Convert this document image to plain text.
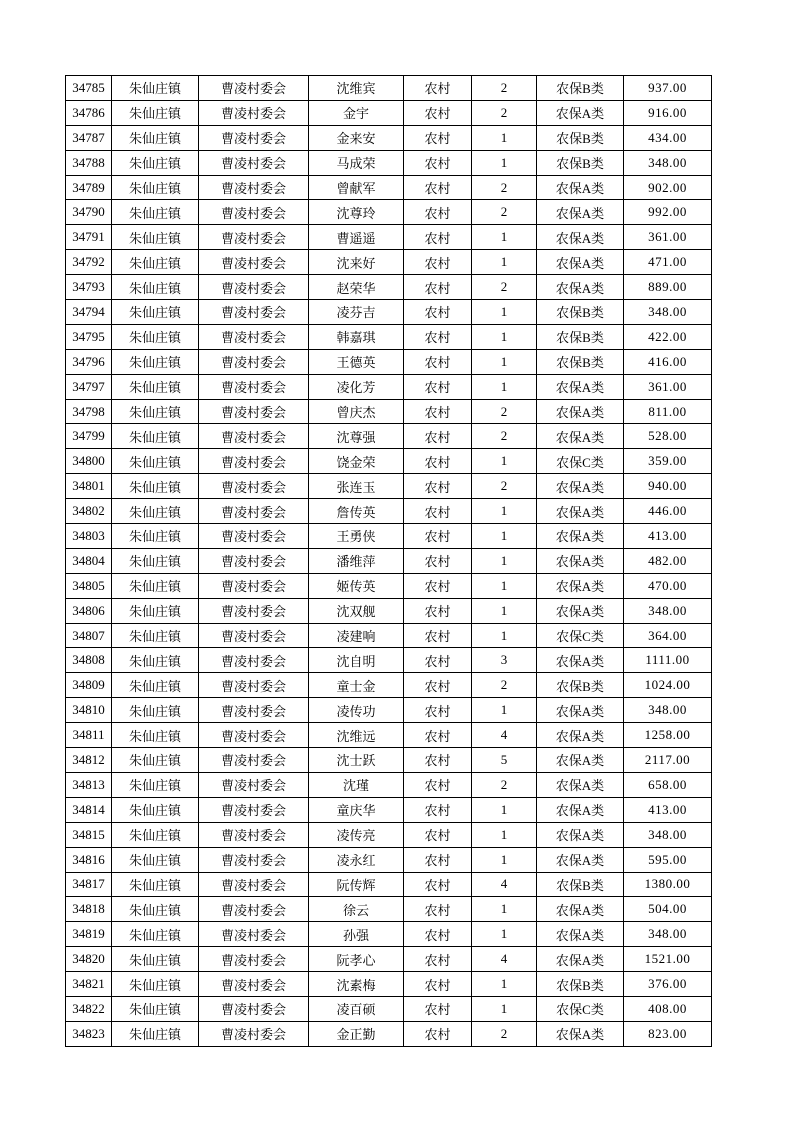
34785	朱仙庄镇	曹凌村委会	沈维宾	农村	2	农保B类	937.00
34786	朱仙庄镇	曹凌村委会	金宇	农村	2	农保A类	916.00
34787	朱仙庄镇	曹凌村委会	金来安	农村	1	农保B类	434.00
34788	朱仙庄镇	曹凌村委会	马成荣	农村	1	农保B类	348.00
34789	朱仙庄镇	曹凌村委会	曾献军	农村	2	农保A类	902.00
34790	朱仙庄镇	曹凌村委会	沈尊玲	农村	2	农保A类	992.00
34791	朱仙庄镇	曹凌村委会	曹遥遥	农村	1	农保A类	361.00
34792	朱仙庄镇	曹凌村委会	沈来好	农村	1	农保A类	471.00
34793	朱仙庄镇	曹凌村委会	赵荣华	农村	2	农保A类	889.00
34794	朱仙庄镇	曹凌村委会	凌芬吉	农村	1	农保B类	348.00
34795	朱仙庄镇	曹凌村委会	韩嘉琪	农村	1	农保B类	422.00
34796	朱仙庄镇	曹凌村委会	王德英	农村	1	农保B类	416.00
34797	朱仙庄镇	曹凌村委会	凌化芳	农村	1	农保A类	361.00
34798	朱仙庄镇	曹凌村委会	曾庆杰	农村	2	农保A类	811.00
34799	朱仙庄镇	曹凌村委会	沈尊强	农村	2	农保A类	528.00
34800	朱仙庄镇	曹凌村委会	饶金荣	农村	1	农保C类	359.00
34801	朱仙庄镇	曹凌村委会	张连玉	农村	2	农保A类	940.00
34802	朱仙庄镇	曹凌村委会	詹传英	农村	1	农保A类	446.00
34803	朱仙庄镇	曹凌村委会	王勇侠	农村	1	农保A类	413.00
34804	朱仙庄镇	曹凌村委会	潘维萍	农村	1	农保A类	482.00
34805	朱仙庄镇	曹凌村委会	姬传英	农村	1	农保A类	470.00
34806	朱仙庄镇	曹凌村委会	沈双舰	农村	1	农保A类	348.00
34807	朱仙庄镇	曹凌村委会	凌建响	农村	1	农保C类	364.00
34808	朱仙庄镇	曹凌村委会	沈自明	农村	3	农保A类	1111.00
34809	朱仙庄镇	曹凌村委会	童士金	农村	2	农保B类	1024.00
34810	朱仙庄镇	曹凌村委会	凌传功	农村	1	农保A类	348.00
34811	朱仙庄镇	曹凌村委会	沈维远	农村	4	农保A类	1258.00
34812	朱仙庄镇	曹凌村委会	沈士跃	农村	5	农保A类	2117.00
34813	朱仙庄镇	曹凌村委会	沈瑾	农村	2	农保A类	658.00
34814	朱仙庄镇	曹凌村委会	童庆华	农村	1	农保A类	413.00
34815	朱仙庄镇	曹凌村委会	凌传亮	农村	1	农保A类	348.00
34816	朱仙庄镇	曹凌村委会	凌永红	农村	1	农保A类	595.00
34817	朱仙庄镇	曹凌村委会	阮传辉	农村	4	农保B类	1380.00
34818	朱仙庄镇	曹凌村委会	徐云	农村	1	农保A类	504.00
34819	朱仙庄镇	曹凌村委会	孙强	农村	1	农保A类	348.00
34820	朱仙庄镇	曹凌村委会	阮孝心	农村	4	农保A类	1521.00
34821	朱仙庄镇	曹凌村委会	沈素梅	农村	1	农保B类	376.00
34822	朱仙庄镇	曹凌村委会	凌百硕	农村	1	农保C类	408.00
34823	朱仙庄镇	曹凌村委会	金正勤	农村	2	农保A类	823.00
